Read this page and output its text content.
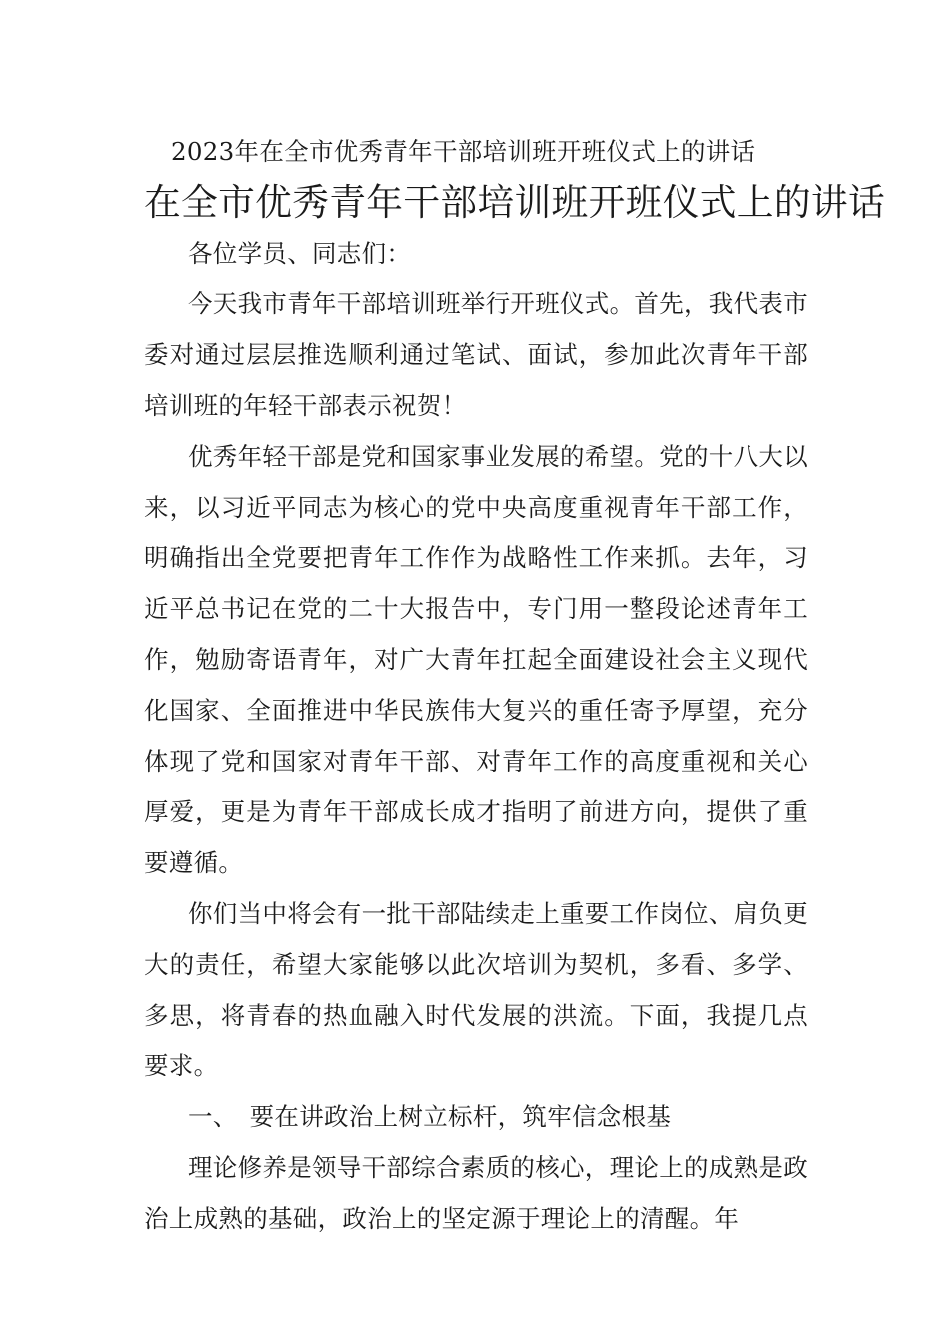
2023年在全市优秀青年干部培训班开班仪式上的讲话
在全市优秀青年干部培训班开班仪式上的讲话

各位学员、同志们：

今天我市青年干部培训班举行开班仪式。首先，我代表市委对通过层层推选顺利通过笔试、面试，参加此次青年干部培训班的年轻干部表示祝贺！

优秀年轻干部是党和国家事业发展的希望。党的十八大以来，以习近平同志为核心的党中央高度重视青年干部工作，明确指出全党要把青年工作作为战略性工作来抓。去年，习近平总书记在党的二十大报告中，专门用一整段论述青年工作，勉励寄语青年，对广大青年扛起全面建设社会主义现代化国家、全面推进中华民族伟大复兴的重任寄予厚望，充分体现了党和国家对青年干部、对青年工作的高度重视和关心厚爱，更是为青年干部成长成才指明了前进方向，提供了重要遵循。

你们当中将会有一批干部陆续走上重要工作岗位、肩负更大的责任，希望大家能够以此次培训为契机，多看、多学、多思，将青春的热血融入时代发展的洪流。下面，我提几点要求。

一、 要在讲政治上树立标杆，筑牢信念根基

理论修养是领导干部综合素质的核心，理论上的成熟是政治上成熟的基础，政治上的坚定源于理论上的清醒。年
